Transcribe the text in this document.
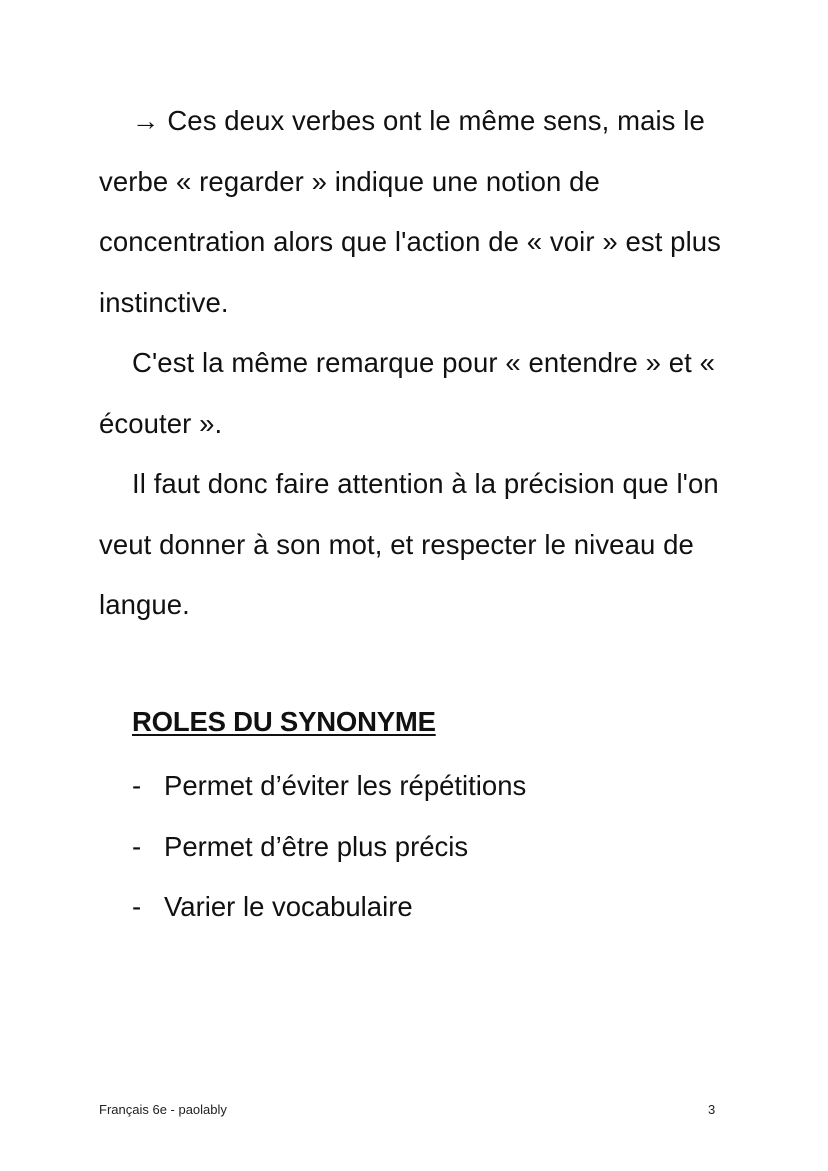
→ Ces deux verbes ont le même sens, mais le verbe « regarder » indique une notion de concentration alors que l'action de « voir » est plus instinctive.

C'est la même remarque pour « entendre » et « écouter ».

Il faut donc faire attention à la précision que l'on veut donner à son mot, et respecter le niveau de langue.

ROLES DU SYNONYME
- Permet d’éviter les répétitions
- Permet d’être plus précis
- Varier le vocabulaire
Français 6e - paolably	3
